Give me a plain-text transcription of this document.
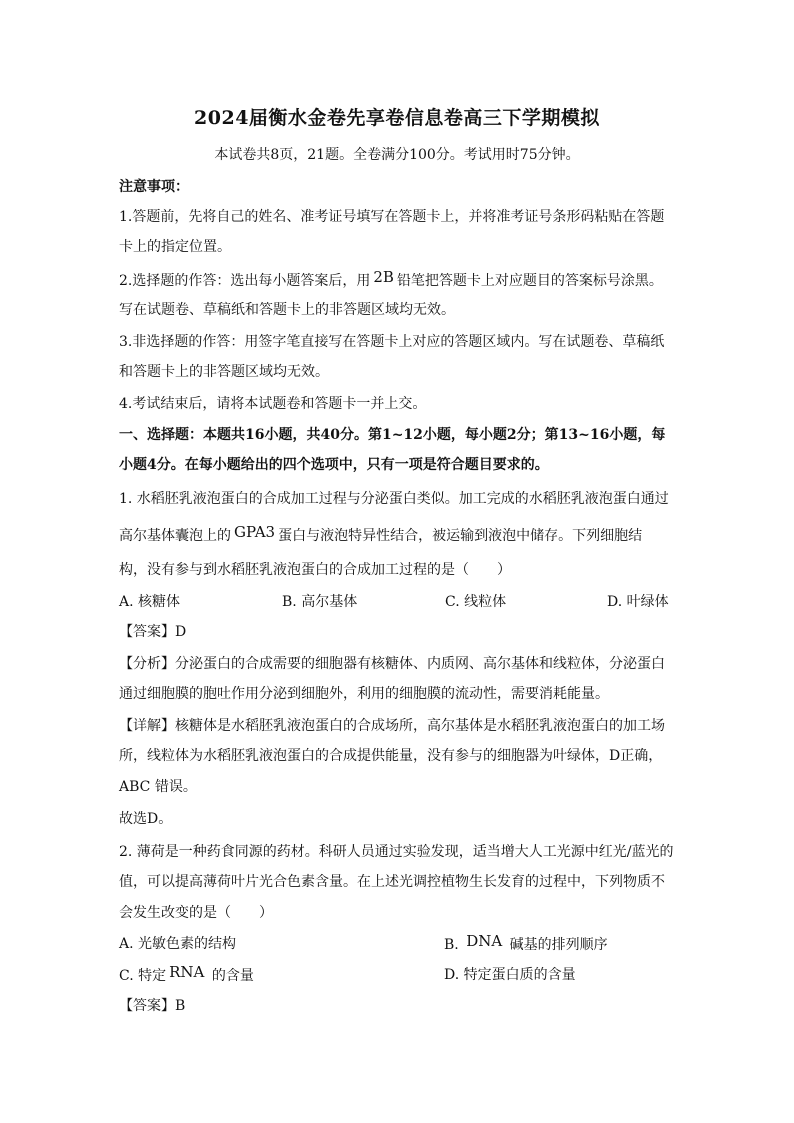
2024届衡水金卷先享卷信息卷高三下学期模拟
本试卷共8页，21题。全卷满分100分。考试用时75分钟。
注意事项：
1.答题前，先将自己的姓名、准考证号填写在答题卡上，并将准考证号条形码粘贴在答题
卡上的指定位置。
2.选择题的作答：选出每小题答案后，用 2B 铅笔把答题卡上对应题目的答案标号涂黑。
写在试题卷、草稿纸和答题卡上的非答题区域均无效。
3.非选择题的作答：用签字笔直接写在答题卡上对应的答题区域内。写在试题卷、草稿纸
和答题卡上的非答题区域均无效。
4.考试结束后，请将本试题卷和答题卡一并上交。
一、选择题：本题共16小题，共40分。第1~12小题，每小题2分；第13~16小题，每
小题4分。在每小题给出的四个选项中，只有一项是符合题目要求的。
1. 水稻胚乳液泡蛋白的合成加工过程与分泌蛋白类似。加工完成的水稻胚乳液泡蛋白通过
高尔基体囊泡上的 GPA3 蛋白与液泡特异性结合，被运输到液泡中储存。下列细胞结
构，没有参与到水稻胚乳液泡蛋白的合成加工过程的是（　　）
A. 核糖体	B. 高尔基体	C. 线粒体	D. 叶绿体
【答案】D
【分析】分泌蛋白的合成需要的细胞器有核糖体、内质网、高尔基体和线粒体，分泌蛋白
通过细胞膜的胞吐作用分泌到细胞外，利用的细胞膜的流动性，需要消耗能量。
【详解】核糖体是水稻胚乳液泡蛋白的合成场所，高尔基体是水稻胚乳液泡蛋白的加工场
所，线粒体为水稻胚乳液泡蛋白的合成提供能量，没有参与的细胞器为叶绿体，D正确，
ABC 错误。
故选D。
2. 薄荷是一种药食同源的药材。科研人员通过实验发现，适当增大人工光源中红光/蓝光的
值，可以提高薄荷叶片光合色素含量。在上述光调控植物生长发育的过程中，下列物质不
会发生改变的是（　　）
A. 光敏色素的结构	B. DNA 碱基的排列顺序
C. 特定 RNA 的含量	D. 特定蛋白质的含量
【答案】B
